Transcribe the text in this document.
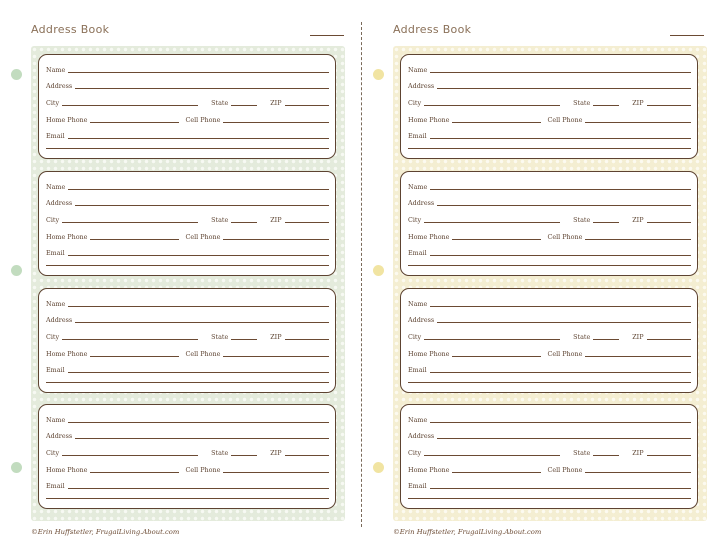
Address Book
Name
Address
City	State	ZIP
Home Phone	Cell Phone
Email
Name
Address
City	State	ZIP
Home Phone	Cell Phone
Email
Name
Address
City	State	ZIP
Home Phone	Cell Phone
Email
Name
Address
City	State	ZIP
Home Phone	Cell Phone
Email
©Erin Huffstetler, FrugalLiving.About.com
Address Book
Name
Address
City	State	ZIP
Home Phone	Cell Phone
Email
Name
Address
City	State	ZIP
Home Phone	Cell Phone
Email
Name
Address
City	State	ZIP
Home Phone	Cell Phone
Email
Name
Address
City	State	ZIP
Home Phone	Cell Phone
Email
©Erin Huffstetler, FrugalLiving.About.com
